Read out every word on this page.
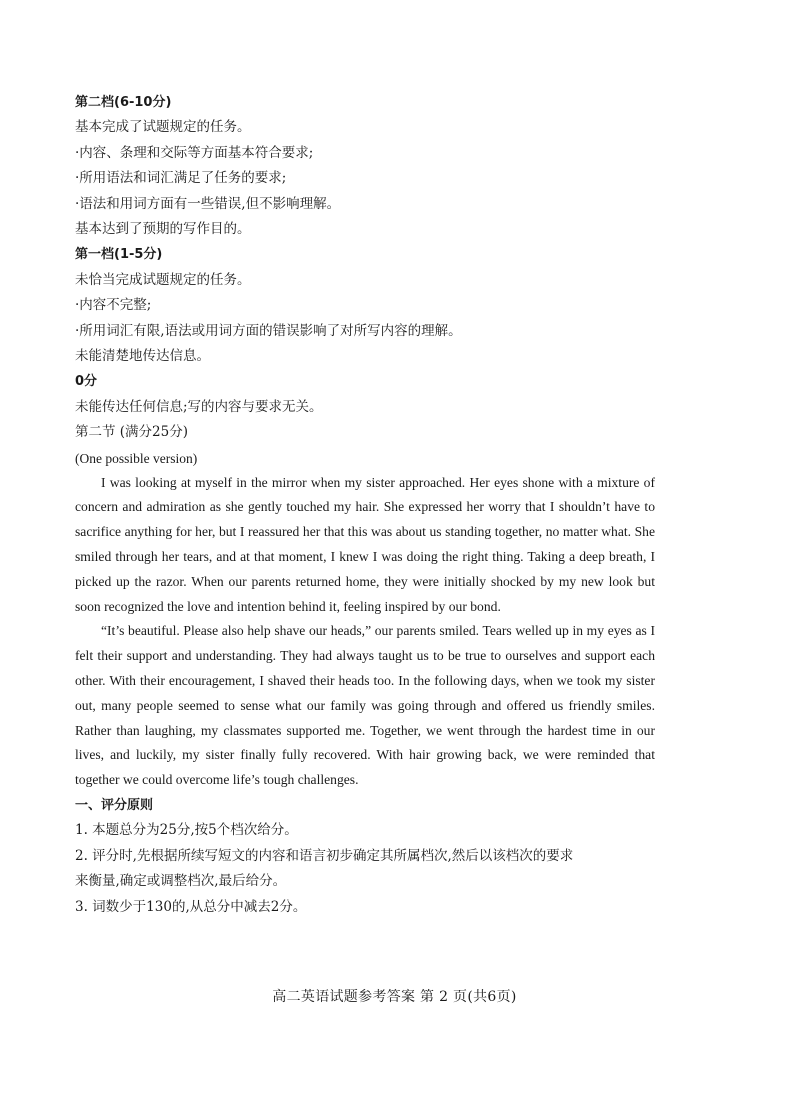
第二档(6-10分)
基本完成了试题规定的任务。
·内容、条理和交际等方面基本符合要求;
·所用语法和词汇满足了任务的要求;
·语法和用词方面有一些错误,但不影响理解。
基本达到了预期的写作目的。
第一档(1-5分)
未恰当完成试题规定的任务。
·内容不完整;
·所用词汇有限,语法或用词方面的错误影响了对所写内容的理解。
未能清楚地传达信息。
0分
未能传达任何信息;写的内容与要求无关。
第二节 (满分25分)
(One possible version)

I was looking at myself in the mirror when my sister approached. Her eyes shone with a mixture of concern and admiration as she gently touched my hair. She expressed her worry that I shouldn’t have to sacrifice anything for her, but I reassured her that this was about us standing together, no matter what. She smiled through her tears, and at that moment, I knew I was doing the right thing. Taking a deep breath, I picked up the razor. When our parents returned home, they were initially shocked by my new look but soon recognized the love and intention behind it, feeling inspired by our bond.

“It’s beautiful. Please also help shave our heads,” our parents smiled. Tears welled up in my eyes as I felt their support and understanding. They had always taught us to be true to ourselves and support each other. With their encouragement, I shaved their heads too. In the following days, when we took my sister out, many people seemed to sense what our family was going through and offered us friendly smiles. Rather than laughing, my classmates supported me. Together, we went through the hardest time in our lives, and luckily, my sister finally fully recovered. With hair growing back, we were reminded that together we could overcome life’s tough challenges.

一、评分原则
1. 本题总分为25分,按5个档次给分。
2. 评分时,先根据所续写短文的内容和语言初步确定其所属档次,然后以该档次的要求
来衡量,确定或调整档次,最后给分。
3. 词数少于130的,从总分中减去2分。
高二英语试题参考答案 第 2 页(共6页)
